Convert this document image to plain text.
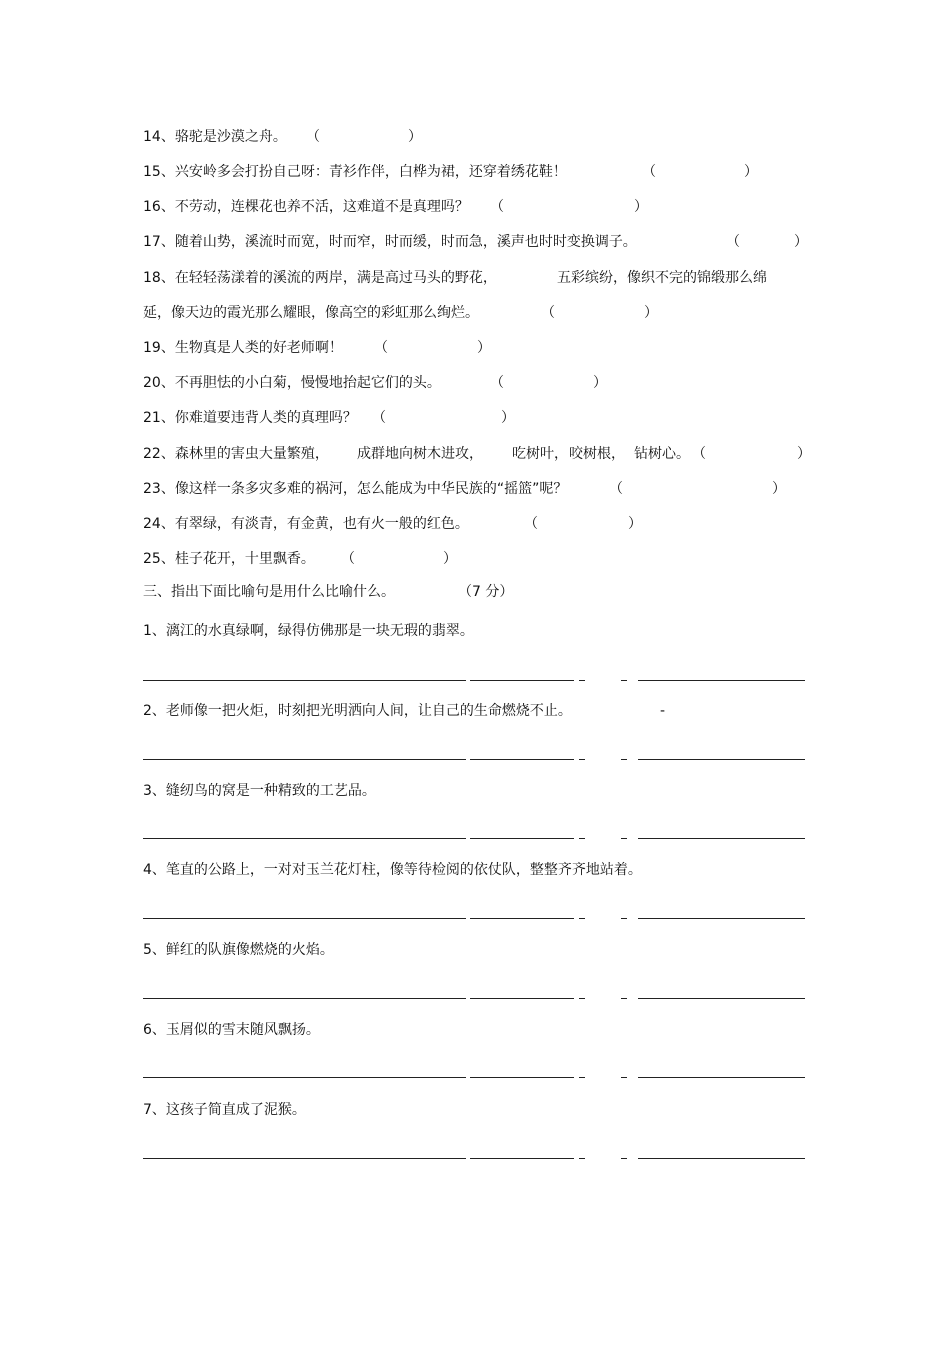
14、骆驼是沙漠之舟。 （	）
15、兴安岭多会打扮自己呀：青衫作伴，白桦为裙，还穿着绣花鞋！	（	）
16、不劳动，连棵花也养不活，这难道不是真理吗？ （	）
17、随着山势，溪流时而宽，时而窄，时而缓，时而急，溪声也时时变换调子。	（	）
18、在轻轻荡漾着的溪流的两岸，满是高过马头的野花，	五彩缤纷，像织不完的锦缎那么绵
延，像天边的霞光那么耀眼，像高空的彩虹那么绚烂。	（	）
19、生物真是人类的好老师啊！ （	）
20、不再胆怯的小白菊，慢慢地抬起它们的头。	（	）
21、你难道要违背人类的真理吗？ （	）
22、森林里的害虫大量繁殖， 成群地向树木进攻， 吃树叶， 咬树根， 钻树心。 （	）
23、像这样一条多灾多难的祸河，怎么能成为中华民族的“摇篮”呢？	（	）
24、有翠绿，有淡青，有金黄，也有火一般的红色。	（	）
25、桂子花开，十里飘香。 （	）
三、指出下面比喻句是用什么比喻什么。	（7 分）
1、漓江的水真绿啊，绿得仿佛那是一块无瑕的翡翠。
2、老师像一把火炬，时刻把光明洒向人间，让自己的生命燃烧不止。	-
3、缝纫鸟的窝是一种精致的工艺品。
4、笔直的公路上，一对对玉兰花灯柱，像等待检阅的依仗队，整整齐齐地站着。
5、鲜红的队旗像燃烧的火焰。
6、玉屑似的雪末随风飘扬。
7、这孩子简直成了泥猴。
